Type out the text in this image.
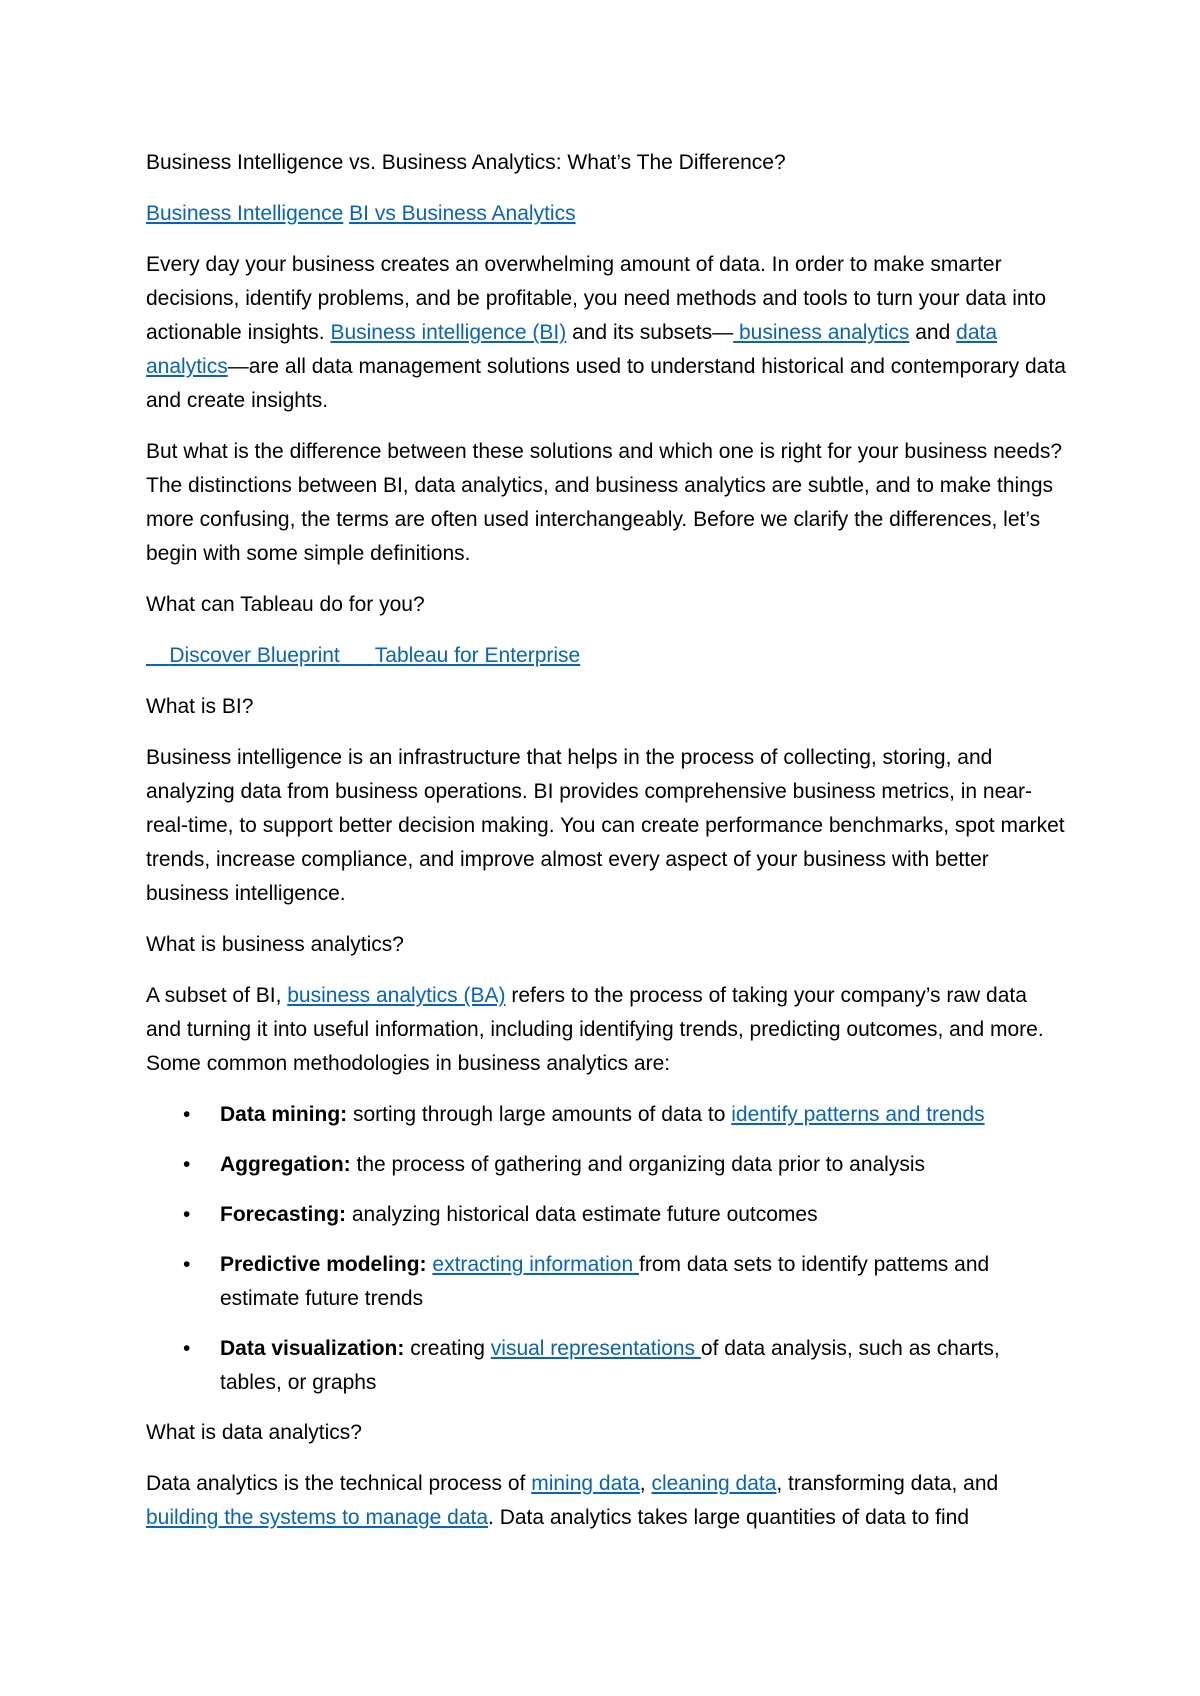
Business Intelligence vs. Business Analytics: What’s The Difference?

Business Intelligence BI vs Business Analytics

Every day your business creates an overwhelming amount of data. In order to make smarter decisions, identify problems, and be profitable, you need methods and tools to turn your data into actionable insights. Business intelligence (BI) and its subsets— business analytics and data analytics—are all data management solutions used to understand historical and contemporary data and create insights.

But what is the difference between these solutions and which one is right for your business needs? The distinctions between BI, data analytics, and business analytics are subtle, and to make things more confusing, the terms are often used interchangeably. Before we clarify the differences, let’s begin with some simple definitions.

What can Tableau do for you?

Discover Blueprint Tableau for Enterprise

What is BI?

Business intelligence is an infrastructure that helps in the process of collecting, storing, and analyzing data from business operations. BI provides comprehensive business metrics, in near-real-time, to support better decision making. You can create performance benchmarks, spot market trends, increase compliance, and improve almost every aspect of your business with better business intelligence.

What is business analytics?

A subset of BI, business analytics (BA) refers to the process of taking your company’s raw data and turning it into useful information, including identifying trends, predicting outcomes, and more. Some common methodologies in business analytics are:

• Data mining: sorting through large amounts of data to identify patterns and trends
• Aggregation: the process of gathering and organizing data prior to analysis
• Forecasting: analyzing historical data estimate future outcomes
• Predictive modeling: extracting information from data sets to identify pattems and estimate future trends
• Data visualization: creating visual representations of data analysis, such as charts, tables, or graphs

What is data analytics?

Data analytics is the technical process of mining data, cleaning data, transforming data, and building the systems to manage data. Data analytics takes large quantities of data to find
